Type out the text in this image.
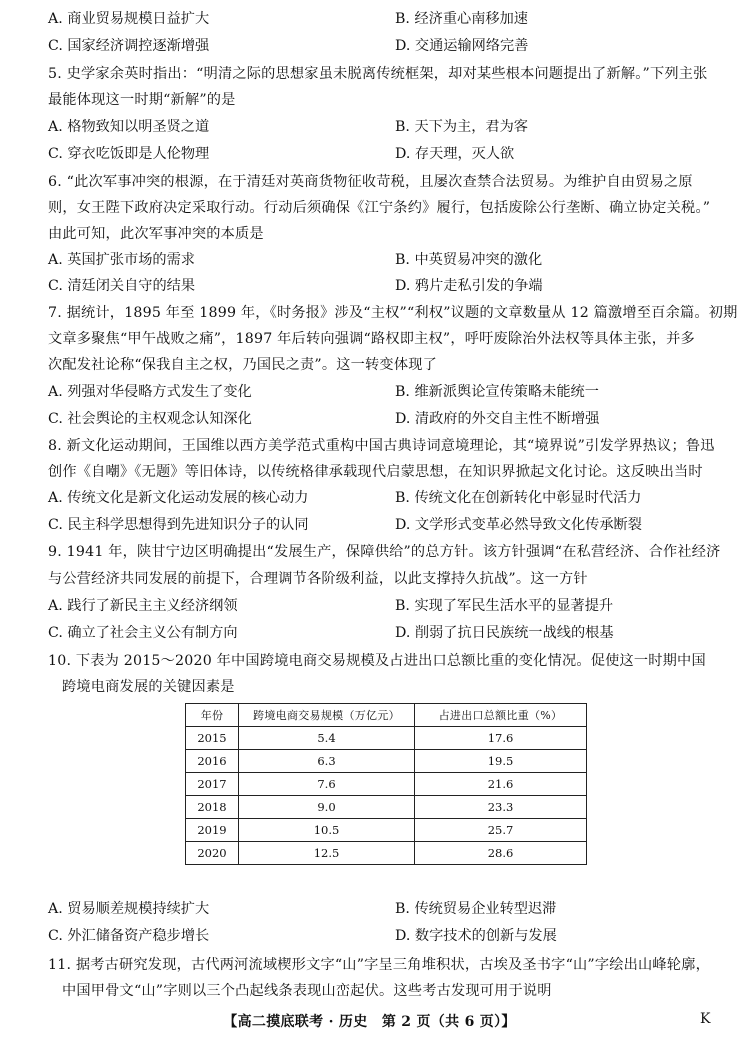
A. 商业贸易规模日益扩大	B. 经济重心南移加速
C. 国家经济调控逐渐增强	D. 交通运输网络完善
5. 史学家余英时指出：“明清之际的思想家虽未脱离传统框架，却对某些根本问题提出了新解。”下列主张
最能体现这一时期“新解”的是
A. 格物致知以明圣贤之道	B. 天下为主，君为客
C. 穿衣吃饭即是人伦物理	D. 存天理，灭人欲
6. “此次军事冲突的根源，在于清廷对英商货物征收苛税，且屡次查禁合法贸易。为维护自由贸易之原
则，女王陛下政府决定采取行动。行动后须确保《江宁条约》履行，包括废除公行垄断、确立协定关税。”
由此可知，此次军事冲突的本质是
A. 英国扩张市场的需求	B. 中英贸易冲突的激化
C. 清廷闭关自守的结果	D. 鸦片走私引发的争端
7. 据统计，1895 年至 1899 年，《时务报》涉及“主权”“利权”议题的文章数量从 12 篇激增至百余篇。初期
文章多聚焦“甲午战败之痛”，1897 年后转向强调“路权即主权”，呼吁废除治外法权等具体主张，并多
次配发社论称“保我自主之权，乃国民之责”。这一转变体现了
A. 列强对华侵略方式发生了变化	B. 维新派舆论宣传策略未能统一
C. 社会舆论的主权观念认知深化	D. 清政府的外交自主性不断增强
8. 新文化运动期间，王国维以西方美学范式重构中国古典诗词意境理论，其“境界说”引发学界热议；鲁迅
创作《自嘲》《无题》等旧体诗，以传统格律承载现代启蒙思想，在知识界掀起文化讨论。这反映出当时
A. 传统文化是新文化运动发展的核心动力	B. 传统文化在创新转化中彰显时代活力
C. 民主科学思想得到先进知识分子的认同	D. 文学形式变革必然导致文化传承断裂
9. 1941 年，陕甘宁边区明确提出“发展生产，保障供给”的总方针。该方针强调“在私营经济、合作社经济
与公营经济共同发展的前提下，合理调节各阶级利益，以此支撑持久抗战”。这一方针
A. 践行了新民主主义经济纲领	B. 实现了军民生活水平的显著提升
C. 确立了社会主义公有制方向	D. 削弱了抗日民族统一战线的根基
10. 下表为 2015～2020 年中国跨境电商交易规模及占进出口总额比重的变化情况。促使这一时期中国
跨境电商发展的关键因素是
年份	跨境电商交易规模（万亿元）	占进出口总额比重（%）
2015	5.4	17.6
2016	6.3	19.5
2017	7.6	21.6
2018	9.0	23.3
2019	10.5	25.7
2020	12.5	28.6
A. 贸易顺差规模持续扩大	B. 传统贸易企业转型迟滞
C. 外汇储备资产稳步增长	D. 数字技术的创新与发展
11. 据考古研究发现，古代两河流域楔形文字“山”字呈三角堆积状，古埃及圣书字“山”字绘出山峰轮廓，
中国甲骨文“山”字则以三个凸起线条表现山峦起伏。这些考古发现可用于说明
【高二摸底联考 · 历史　第 2 页（共 6 页）】	K
